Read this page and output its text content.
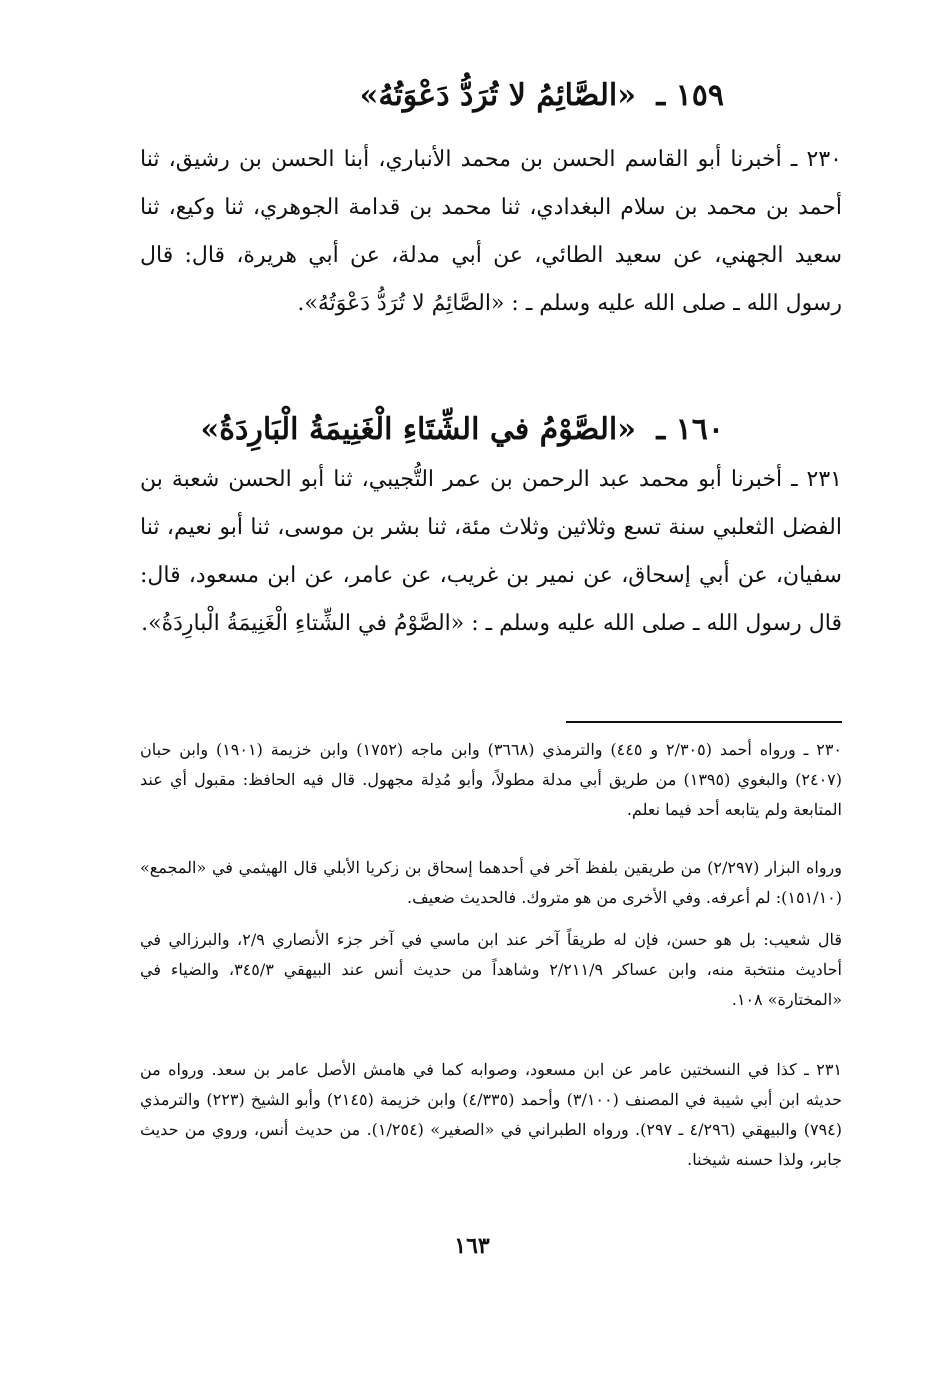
١٥٩ ـ «الصَّائِمُ لا تُرَدُّ دَعْوَتُهُ»
٢٣٠ ـ أخبرنا أبو القاسم الحسن بن محمد الأنباري، أبنا الحسن بن رشيق، ثنا أحمد بن محمد بن سلام البغدادي، ثنا محمد بن قدامة الجوهري، ثنا وكيع، ثنا سعيد الجهني، عن سعيد الطائي، عن أبي مدلة، عن أبي هريرة، قال: قال رسول الله ـ صلى الله عليه وسلم ـ : «الصَّائِمُ لا تُرَدُّ دَعْوَتُهُ».
١٦٠ ـ «الصَّوْمُ في الشِّتَاءِ الْغَنِيمَةُ الْبَارِدَةُ»
٢٣١ ـ أخبرنا أبو محمد عبد الرحمن بن عمر التُّجيبي، ثنا أبو الحسن شعبة بن الفضل الثعلبي سنة تسع وثلاثين وثلاث مئة، ثنا بشر بن موسى، ثنا أبو نعيم، ثنا سفيان، عن أبي إسحاق، عن نمير بن غريب، عن عامر، عن ابن مسعود، قال: قال رسول الله ـ صلى الله عليه وسلم ـ : «الصَّوْمُ في الشِّتاءِ الْغَنِيمَةُ الْبارِدَةُ».
٢٣٠ ـ ورواه أحمد (٢/٣٠٥ و ٤٤٥) والترمذي (٣٦٦٨) وابن ماجه (١٧٥٢) وابن خزيمة (١٩٠١) وابن حبان (٢٤٠٧) والبغوي (١٣٩٥) من طريق أبي مدلة مطولاً، وأبو مُدِلة مجهول. قال فيه الحافظ: مقبول أي عند المتابعة ولم يتابعه أحد فيما نعلم.
ورواه البزار (٢/٢٩٧) من طريقين بلفظ آخر في أحدهما إسحاق بن زكريا الأبلي قال الهيثمي في «المجمع» (١٥١/١٠): لم أعرفه. وفي الأخرى من هو متروك. فالحديث ضعيف.
قال شعيب: بل هو حسن، فإن له طريقاً آخر عند ابن ماسي في آخر جزء الأنصاري ٢/٩، والبرزالي في أحاديث منتخبة منه، وابن عساكر ٢/٢١١/٩ وشاهداً من حديث أنس عند البيهقي ٣٤٥/٣، والضياء في «المختارة» ١٠٨.
٢٣١ ـ كذا في النسختين عامر عن ابن مسعود، وصوابه كما في هامش الأصل عامر بن سعد. ورواه من حديثه ابن أبي شيبة في المصنف (٣/١٠٠) وأحمد (٤/٣٣٥) وابن خزيمة (٢١٤٥) وأبو الشيخ (٢٢٣) والترمذي (٧٩٤) والبيهقي (٤/٢٩٦ ـ ٢٩٧). ورواه الطبراني في «الصغير» (١/٢٥٤). من حديث أنس، وروي من حديث جابر، ولذا حسنه شيخنا.
١٦٣
